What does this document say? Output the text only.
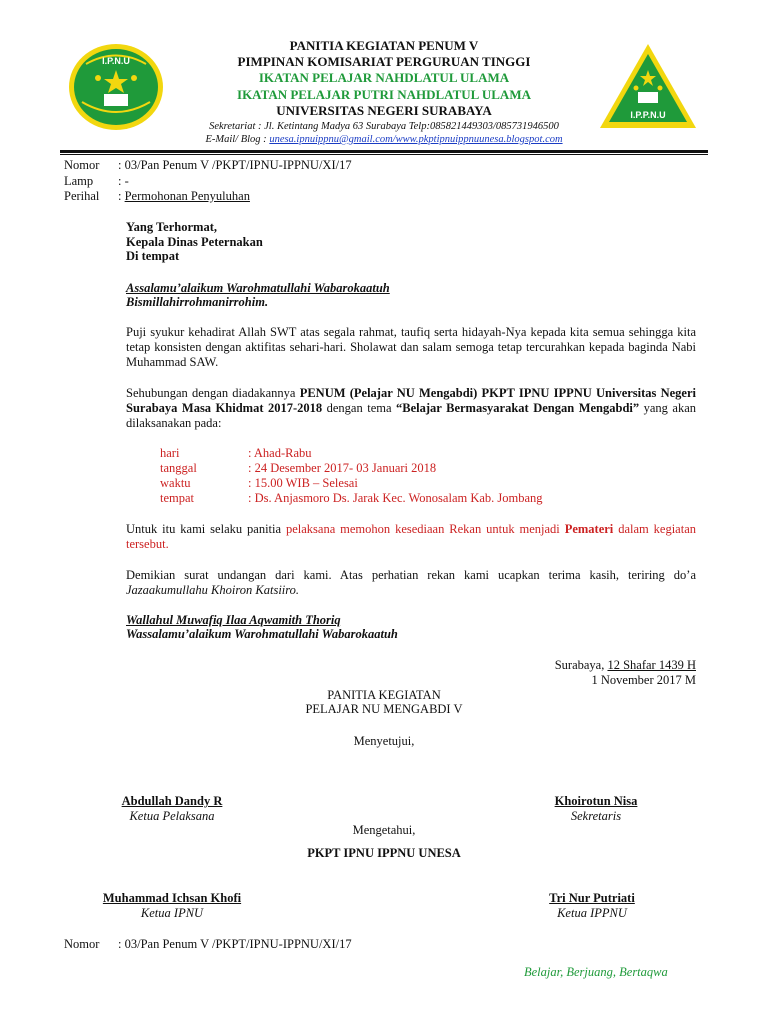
I.P.N.U
I.P.P.N.U
PANITIA KEGIATAN PENUM V
PIMPINAN KOMISARIAT PERGURUAN TINGGI
IKATAN PELAJAR NAHDLATUL ULAMA
IKATAN PELAJAR PUTRI NAHDLATUL ULAMA
UNIVERSITAS NEGERI SURABAYA
Sekretariat : Jl. Ketintang Madya 63 Surabaya Telp:085821449303/085731946500
E-Mail/ Blog : unesa.ipnuippnu@gmail.com/www.pkptipnuippnuunesa.blogspot.com
Nomor : 03/Pan Penum V /PKPT/IPNU-IPPNU/XI/17
Lamp : -
Perihal : Permohonan Penyuluhan
Yang Terhormat,
Kepala Dinas Peternakan
Di tempat
Assalamu’alaikum Warohmatullahi Wabarokaatuh
Bismillahirrohmanirrohim.
Puji syukur kehadirat Allah SWT atas segala rahmat, taufiq serta hidayah-Nya kepada kita semua sehingga kita tetap konsisten dengan aktifitas sehari-hari. Sholawat dan salam semoga tetap tercurahkan kepada baginda Nabi Muhammad SAW.
Sehubungan dengan diadakannya PENUM (Pelajar NU Mengabdi) PKPT IPNU IPPNU Universitas Negeri Surabaya Masa Khidmat 2017-2018 dengan tema “Belajar Bermasyarakat Dengan Mengabdi” yang akan dilaksanakan pada:
hari	: Ahad-Rabu
tanggal	: 24 Desember 2017- 03 Januari 2018
waktu	: 15.00 WIB – Selesai
tempat	: Ds. Anjasmoro Ds. Jarak Kec. Wonosalam Kab. Jombang
Untuk itu kami selaku panitia pelaksana memohon kesediaan Rekan untuk menjadi Pemateri dalam kegiatan tersebut.
Demikian surat undangan dari kami. Atas perhatian rekan kami ucapkan terima kasih, teriring do’a Jazaakumullahu Khoiron Katsiiro.
Wallahul Muwafiq Ilaa Aqwamith Thoriq
Wassalamu’alaikum Warohmatullahi Wabarokaatuh
Surabaya, 12 Shafar 1439 H
1 November 2017 M
PANITIA KEGIATAN
PELAJAR NU MENGABDI V
Menyetujui,
Abdullah Dandy R
Ketua Pelaksana
Khoirotun Nisa
Sekretaris
Mengetahui,
PKPT IPNU IPPNU UNESA
Muhammad Ichsan Khofi
Ketua IPNU
Tri Nur Putriati
Ketua IPPNU
Nomor : 03/Pan Penum V /PKPT/IPNU-IPPNU/XI/17
Belajar, Berjuang, Bertaqwa
